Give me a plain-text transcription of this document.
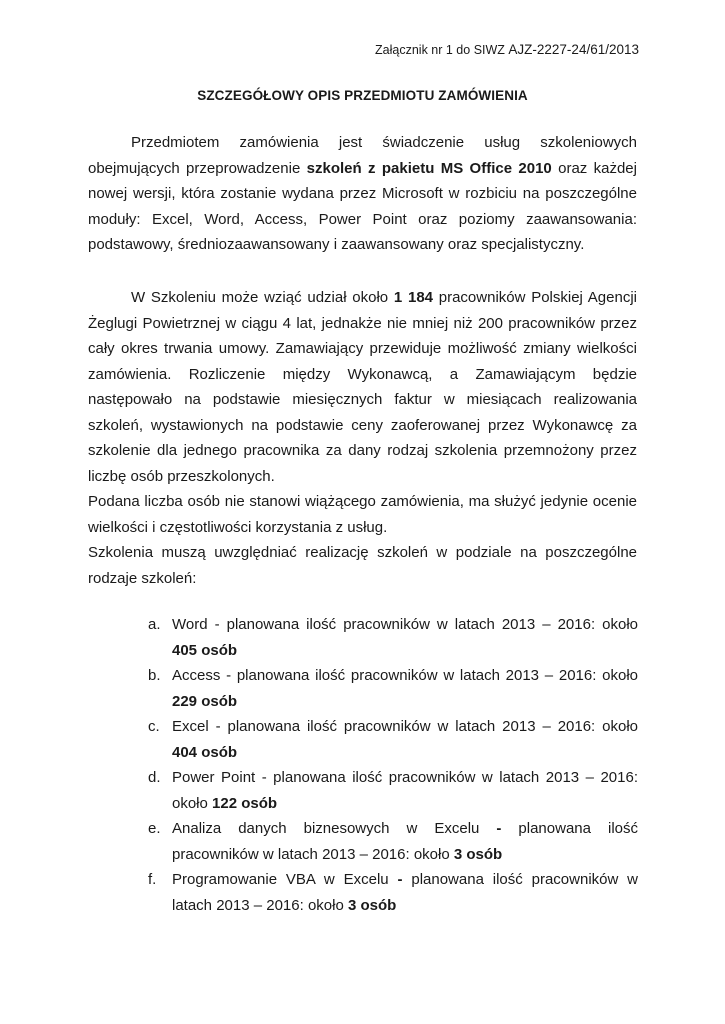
Załącznik nr 1 do SIWZ AJZ-2227-24/61/2013
SZCZEGÓŁOWY OPIS PRZEDMIOTU ZAMÓWIENIA

Przedmiotem zamówienia jest świadczenie usług szkoleniowych obejmujących przeprowadzenie szkoleń z pakietu MS Office 2010 oraz każdej nowej wersji, która zostanie wydana przez Microsoft w rozbiciu na poszczególne moduły: Excel, Word, Access, Power Point oraz poziomy zaawansowania: podstawowy, średniozaawansowany i zaawansowany oraz specjalistyczny.

W Szkoleniu może wziąć udział około 1 184 pracowników Polskiej Agencji Żeglugi Powietrznej w ciągu 4 lat, jednakże nie mniej niż 200 pracowników przez cały okres trwania umowy. Zamawiający przewiduje możliwość zmiany wielkości zamówienia. Rozliczenie między Wykonawcą, a Zamawiającym będzie następowało na podstawie miesięcznych faktur w miesiącach realizowania szkoleń, wystawionych na podstawie ceny zaoferowanej przez Wykonawcę za szkolenie dla jednego pracownika za dany rodzaj szkolenia przemnożony przez liczbę osób przeszkolonych.

Podana liczba osób nie stanowi wiążącego zamówienia, ma służyć jedynie ocenie wielkości i częstotliwości korzystania z usług.

Szkolenia muszą uwzględniać realizację szkoleń w podziale na poszczególne rodzaje szkoleń:

a. Word - planowana ilość pracowników w latach 2013 – 2016: około 405 osób
b. Access - planowana ilość pracowników w latach 2013 – 2016: około 229 osób
c. Excel - planowana ilość pracowników w latach 2013 – 2016: około 404 osób
d. Power Point - planowana ilość pracowników w latach 2013 – 2016: około 122 osób
e. Analiza danych biznesowych w Excelu - planowana ilość pracowników w latach 2013 – 2016: około 3 osób
f. Programowanie VBA w Excelu - planowana ilość pracowników w latach 2013 – 2016: około 3 osób
